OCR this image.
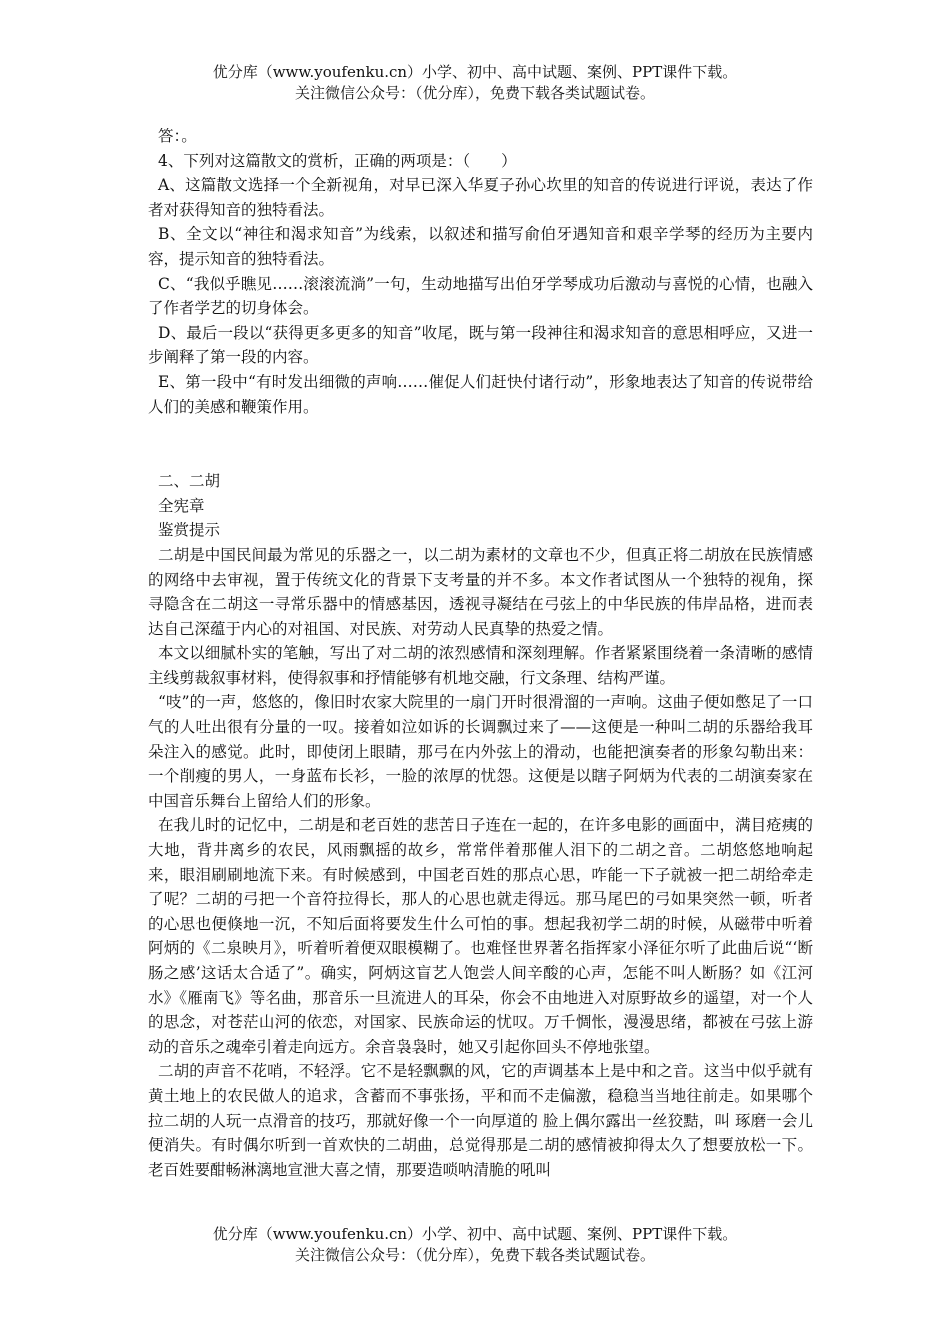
优分库（www.youfenku.cn）小学、初中、高中试题、案例、PPT课件下载。
关注微信公众号：（优分库），免费下载各类试题试卷。

答：。

4、下列对这篇散文的赏析，正确的两项是：（　　）

A、这篇散文选择一个全新视角，对早已深入华夏子孙心坎里的知音的传说进行评说，表达了作者对获得知音的独特看法。

B、全文以“神往和渴求知音”为线索，以叙述和描写俞伯牙遇知音和艰辛学琴的经历为主要内容，提示知音的独特看法。

C、“我似乎瞧见……滚滚流淌”一句，生动地描写出伯牙学琴成功后激动与喜悦的心情，也融入了作者学艺的切身体会。

D、最后一段以“获得更多更多的知音”收尾，既与第一段神往和渴求知音的意思相呼应，又进一步阐释了第一段的内容。

E、第一段中“有时发出细微的声响……催促人们赶快付诸行动”，形象地表达了知音的传说带给人们的美感和鞭策作用。

二、二胡

全宪章

鉴赏提示

二胡是中国民间最为常见的乐器之一，以二胡为素材的文章也不少，但真正将二胡放在民族情感的网络中去审视，置于传统文化的背景下支考量的并不多。本文作者试图从一个独特的视角，探寻隐含在二胡这一寻常乐器中的情感基因，透视寻凝结在弓弦上的中华民族的伟岸品格，进而表达自己深蕴于内心的对祖国、对民族、对劳动人民真挚的热爱之情。

本文以细腻朴实的笔触，写出了对二胡的浓烈感情和深刻理解。作者紧紧围绕着一条清晰的感情主线剪裁叙事材料，使得叙事和抒情能够有机地交融，行文条理、结构严谨。

“吱”的一声，悠悠的，像旧时农家大院里的一扇门开时很滑溜的一声响。这曲子便如憋足了一口气的人吐出很有分量的一叹。接着如泣如诉的长调飘过来了——这便是一种叫二胡的乐器给我耳朵注入的感觉。此时，即使闭上眼睛，那弓在内外弦上的滑动，也能把演奏者的形象勾勒出来：一个削瘦的男人，一身蓝布长衫，一脸的浓厚的忧怨。这便是以瞎子阿炳为代表的二胡演奏家在中国音乐舞台上留给人们的形象。

在我儿时的记忆中，二胡是和老百姓的悲苦日子连在一起的，在许多电影的画面中，满目疮痍的大地，背井离乡的农民，风雨飘摇的故乡，常常伴着那催人泪下的二胡之音。二胡悠悠地响起来，眼泪刷刷地流下来。有时候感到，中国老百姓的那点心思，咋能一下子就被一把二胡给牵走了呢？二胡的弓把一个音符拉得长，那人的心思也就走得远。那马尾巴的弓如果突然一顿，听者的心思也便倏地一沉，不知后面将要发生什么可怕的事。想起我初学二胡的时候，从磁带中听着阿炳的《二泉映月》，听着听着便双眼模糊了。也难怪世界著名指挥家小泽征尔听了此曲后说“‘断肠之感’这话太合适了”。确实，阿炳这盲艺人饱尝人间辛酸的心声，怎能不叫人断肠？如《江河水》《雁南飞》等名曲，那音乐一旦流进人的耳朵，你会不由地进入对原野故乡的遥望，对一个人的思念，对苍茫山河的依恋，对国家、民族命运的忧叹。万千惆怅，漫漫思绪，都被在弓弦上游动的音乐之魂牵引着走向远方。余音袅袅时，她又引起你回头不停地张望。

二胡的声音不花哨，不轻浮。它不是轻飘飘的风，它的声调基本上是中和之音。这当中似乎就有黄土地上的农民做人的追求，含蓄而不事张扬，平和而不走偏激，稳稳当当地往前走。如果哪个拉二胡的人玩一点滑音的技巧，那就好像一个一向厚道的 脸上偶尔露出一丝狡黠，叫 琢磨一会儿便消失。有时偶尔听到一首欢快的二胡曲，总觉得那是二胡的感情被抑得太久了想要放松一下。老百姓要酣畅淋漓地宣泄大喜之情，那要造唢呐清脆的吼叫

优分库（www.youfenku.cn）小学、初中、高中试题、案例、PPT课件下载。
关注微信公众号：（优分库），免费下载各类试题试卷。
